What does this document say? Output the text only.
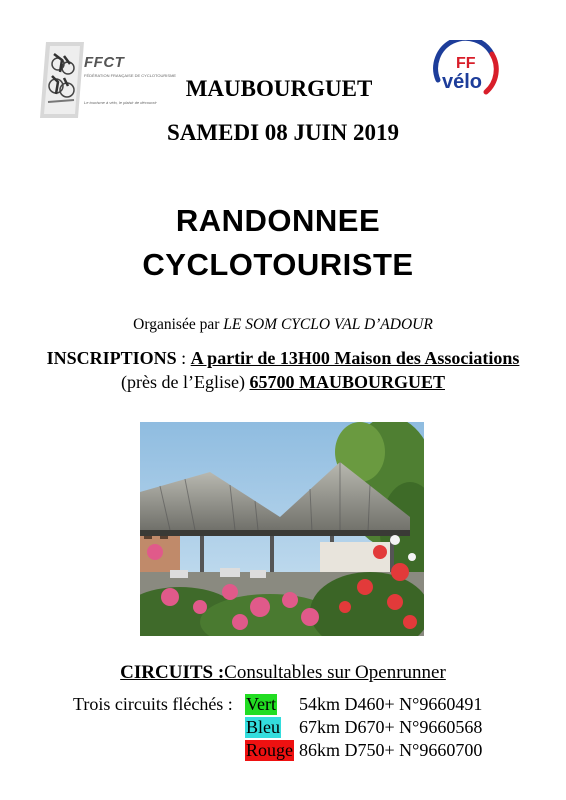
FFCT
FÉDÉRATION FRANÇAISE DE CYCLOTOURISME
Le tourisme à vélo, le plaisir de découvrir
FF
vélo
MAUBOURGUET
SAMEDI 08 JUIN 2019
RANDONNEE
CYCLOTOURISTE
Organisée par LE SOM CYCLO VAL D’ADOUR
INSCRIPTIONS : A partir de 13H00 Maison des Associations
(près de l’Eglise) 65700 MAUBOURGUET
CIRCUITS :Consultables sur Openrunner
Trois circuits fléchés : Vert 54km D460+ N°9660491
Bleu 67km D670+ N°9660568
Rouge 86km D750+ N°9660700
